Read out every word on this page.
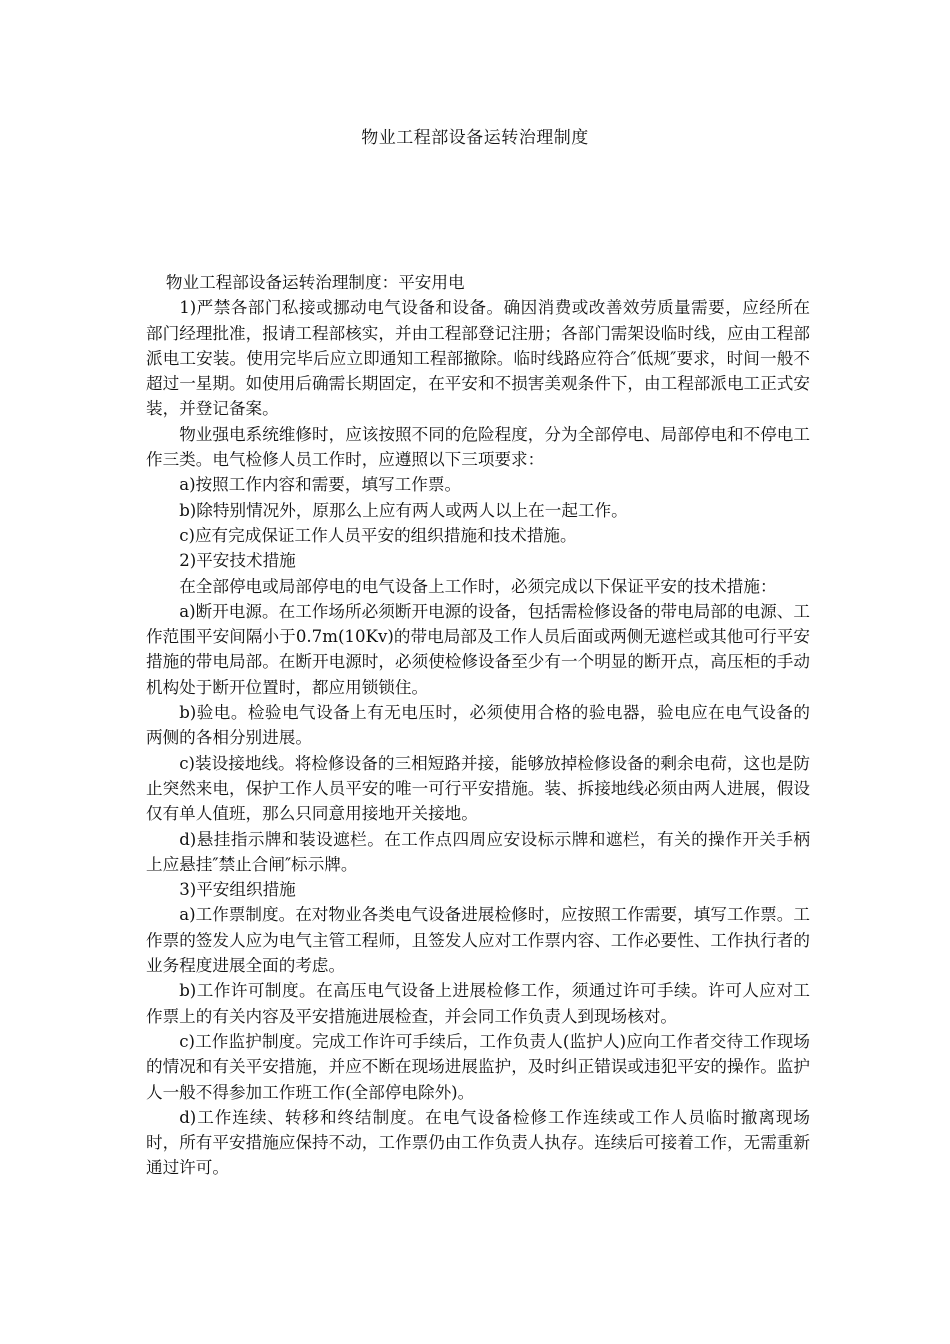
物业工程部设备运转治理制度

物业工程部设备运转治理制度：平安用电

1)严禁各部门私接或挪动电气设备和设备。确因消费或改善效劳质量需要，应经所在部门经理批准，报请工程部核实，并由工程部登记注册；各部门需架设临时线，应由工程部派电工安装。使用完毕后应立即通知工程部撤除。临时线路应符合″低规″要求，时间一般不超过一星期。如使用后确需长期固定，在平安和不损害美观条件下，由工程部派电工正式安装，并登记备案。

物业强电系统维修时，应该按照不同的危险程度，分为全部停电、局部停电和不停电工作三类。电气检修人员工作时，应遵照以下三项要求：

a)按照工作内容和需要，填写工作票。

b)除特别情况外，原那么上应有两人或两人以上在一起工作。

c)应有完成保证工作人员平安的组织措施和技术措施。

2)平安技术措施

在全部停电或局部停电的电气设备上工作时，必须完成以下保证平安的技术措施：

a)断开电源。在工作场所必须断开电源的设备，包括需检修设备的带电局部的电源、工作范围平安间隔小于0.7m(10Kv)的带电局部及工作人员后面或两侧无遮栏或其他可行平安措施的带电局部。在断开电源时，必须使检修设备至少有一个明显的断开点，高压柜的手动机构处于断开位置时，都应用锁锁住。

b)验电。检验电气设备上有无电压时，必须使用合格的验电器，验电应在电气设备的两侧的各相分别进展。

c)装设接地线。将检修设备的三相短路并接，能够放掉检修设备的剩余电荷，这也是防止突然来电，保护工作人员平安的唯一可行平安措施。装、拆接地线必须由两人进展，假设仅有单人值班，那么只同意用接地开关接地。

d)悬挂指示牌和装设遮栏。在工作点四周应安设标示牌和遮栏，有关的操作开关手柄上应悬挂″禁止合闸″标示牌。

3)平安组织措施

a)工作票制度。在对物业各类电气设备进展检修时，应按照工作需要，填写工作票。工作票的签发人应为电气主管工程师，且签发人应对工作票内容、工作必要性、工作执行者的业务程度进展全面的考虑。

b)工作许可制度。在高压电气设备上进展检修工作，须通过许可手续。许可人应对工作票上的有关内容及平安措施进展检查，并会同工作负责人到现场核对。

c)工作监护制度。完成工作许可手续后，工作负责人(监护人)应向工作者交待工作现场的情况和有关平安措施，并应不断在现场进展监护，及时纠正错误或违犯平安的操作。监护人一般不得参加工作班工作(全部停电除外)。

d)工作连续、转移和终结制度。在电气设备检修工作连续或工作人员临时撤离现场时，所有平安措施应保持不动，工作票仍由工作负责人执存。连续后可接着工作，无需重新通过许可。
